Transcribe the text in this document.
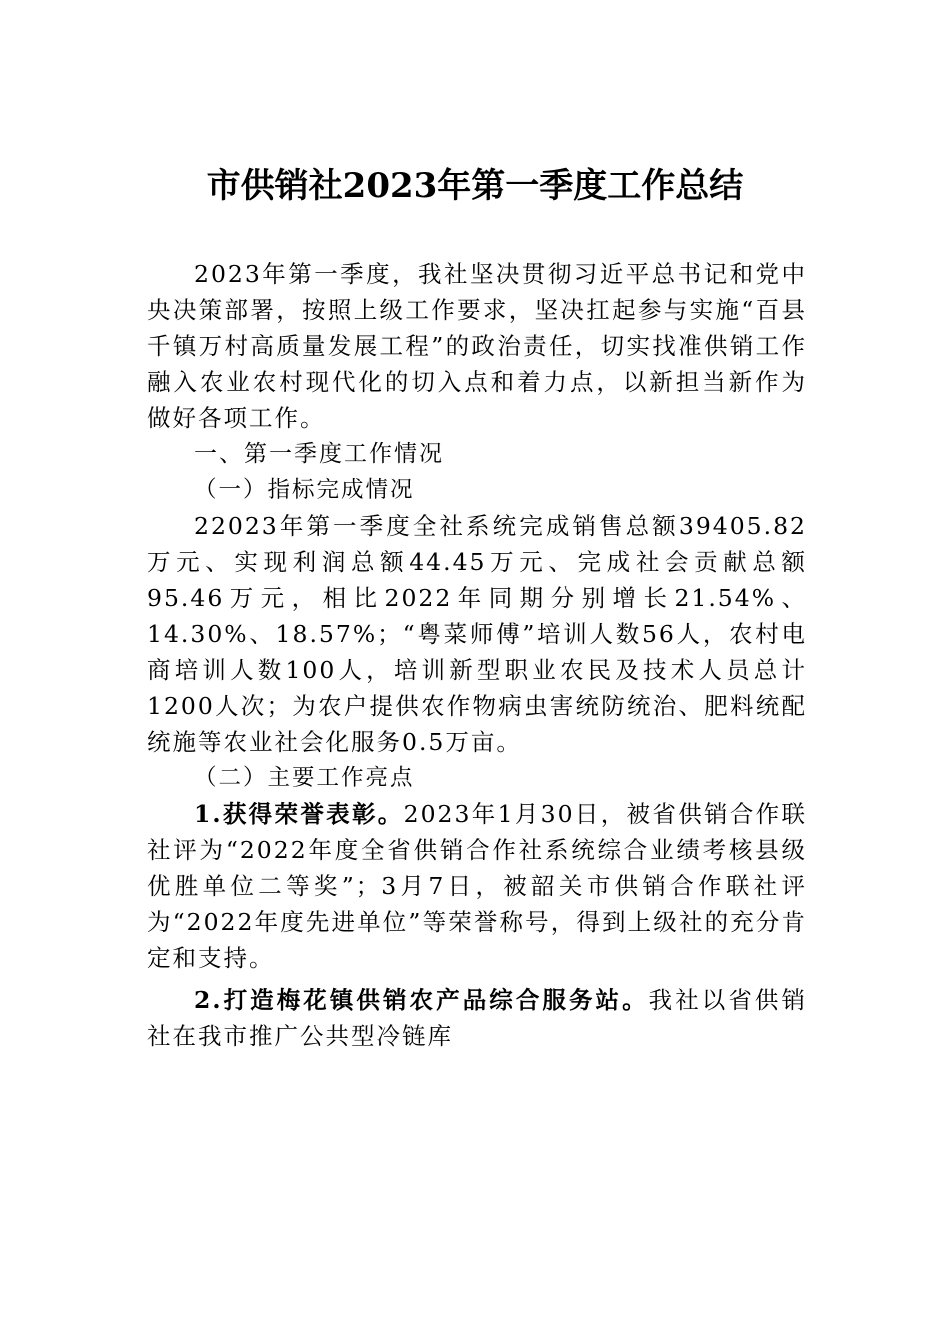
市供销社2023年第一季度工作总结

2023年第一季度，我社坚决贯彻习近平总书记和党中央决策部署，按照上级工作要求，坚决扛起参与实施“百县千镇万村高质量发展工程”的政治责任，切实找准供销工作融入农业农村现代化的切入点和着力点，以新担当新作为做好各项工作。

一、第一季度工作情况

（一）指标完成情况

22023年第一季度全社系统完成销售总额39405.82万元、实现利润总额44.45万元、完成社会贡献总额95.46万元，相比2022年同期分别增长21.54%、14.30%、18.57%；“粤菜师傅”培训人数56人，农村电商培训人数100人，培训新型职业农民及技术人员总计1200人次；为农户提供农作物病虫害统防统治、肥料统配统施等农业社会化服务0.5万亩。

（二）主要工作亮点

1.获得荣誉表彰。2023年1月30日，被省供销合作联社评为“2022年度全省供销合作社系统综合业绩考核县级优胜单位二等奖”；3月7日，被韶关市供销合作联社评为“2022年度先进单位”等荣誉称号，得到上级社的充分肯定和支持。

2.打造梅花镇供销农产品综合服务站。我社以省供销社在我市推广公共型冷链库
